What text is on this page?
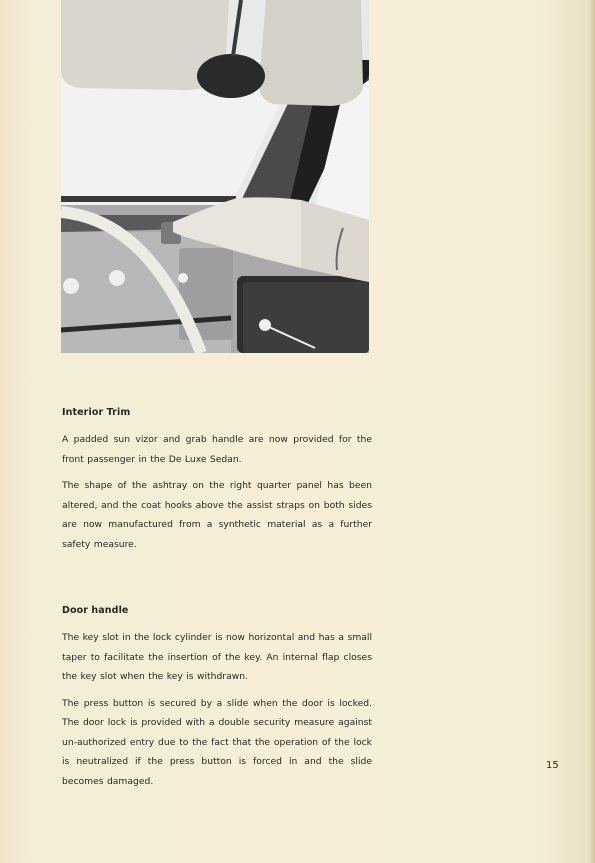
Interior Trim

A padded sun vizor and grab handle are now provided for the front passenger in the De Luxe Sedan.

The shape of the ashtray on the right quarter panel has been altered, and the coat hooks above the assist straps on both sides are now manufactured from a synthetic material as a further safety measure.

Door handle

The key slot in the lock cylinder is now horizontal and has a small taper to facilitate the insertion of the key. An internal flap closes the key slot when the key is withdrawn.

The press button is secured by a slide when the door is locked. The door lock is provided with a double security measure against un-authorized entry due to the fact that the operation of the lock is neutralized if the press button is forced in and the slide becomes damaged.

15
